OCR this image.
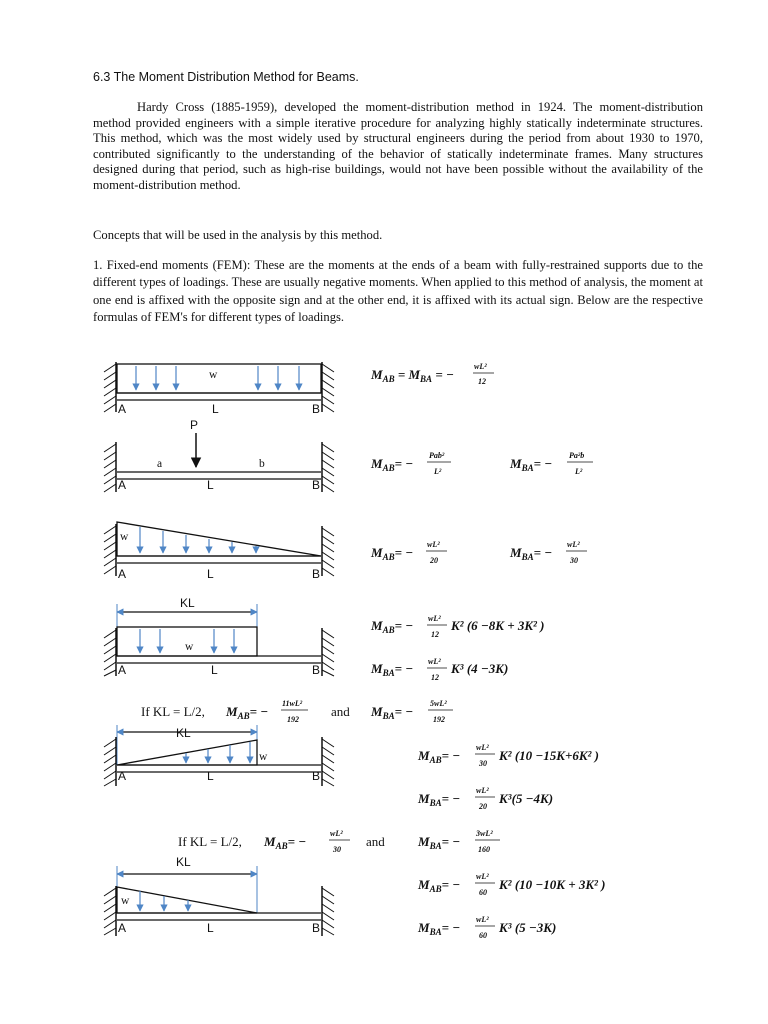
6.3 The Moment Distribution Method for Beams.
Hardy Cross (1885-1959), developed the moment-distribution method in 1924. The moment-distribution method provided engineers with a simple iterative procedure for analyzing highly statically indeterminate structures. This method, which was the most widely used by structural engineers during the period from about 1930 to 1970, contributed significantly to the understanding of the behavior of statically indeterminate frames. Many structures designed during that period, such as high-rise buildings, would not have been possible without the availability of the moment-distribution method.
Concepts that will be used in the analysis by this method.
1. Fixed-end moments (FEM): These are the moments at the ends of a beam with fully-restrained supports due to the different types of loadings. These are usually negative moments. When applied to this method of analysis, the moment at one end is affixed with the opposite sign and at the other end, it is affixed with its actual sign. Below are the respective formulas of FEM's for different types of loadings.
w
A	L	B
$M_{AB} = M_{BA}$ = −
wL²
12
P
a	b
A	L	B
$M_{AB}=$ −
Pab²
L²
$M_{BA}=$ −
Pa²b
L²
w
A	L	B
$M_{AB}=$ −
wL²
20
$M_{BA}=$ −
wL²
30
KL
w
A	L	B
$M_{AB}= - wL^2$
12
K² (6 −8K + 3K² )
$M_{BA}= - wL^2$
12
K³ (4 −3K)
If KL = L/2, $M_{AB}=$ −
11wL²
192
and $M_{BA}=$ −
5wL²
192
KL
w
A	L	B
$M_{AB}=$ −
wL²
30
K² (10 −15K+6K² )
$M_{BA}=$ −
wL²
20
K³(5 −4K)
If KL = L/2, $M_{AB}=$ −
wL²
30
and	$M_{BA}=$ −
3wL²
160
KL
w
A	L	B
$M_{AB}=$ −
wL²
60
K² (10 −10K + 3K² )
$M_{BA}=$ −
wL²
60
K³ (5 −3K)
